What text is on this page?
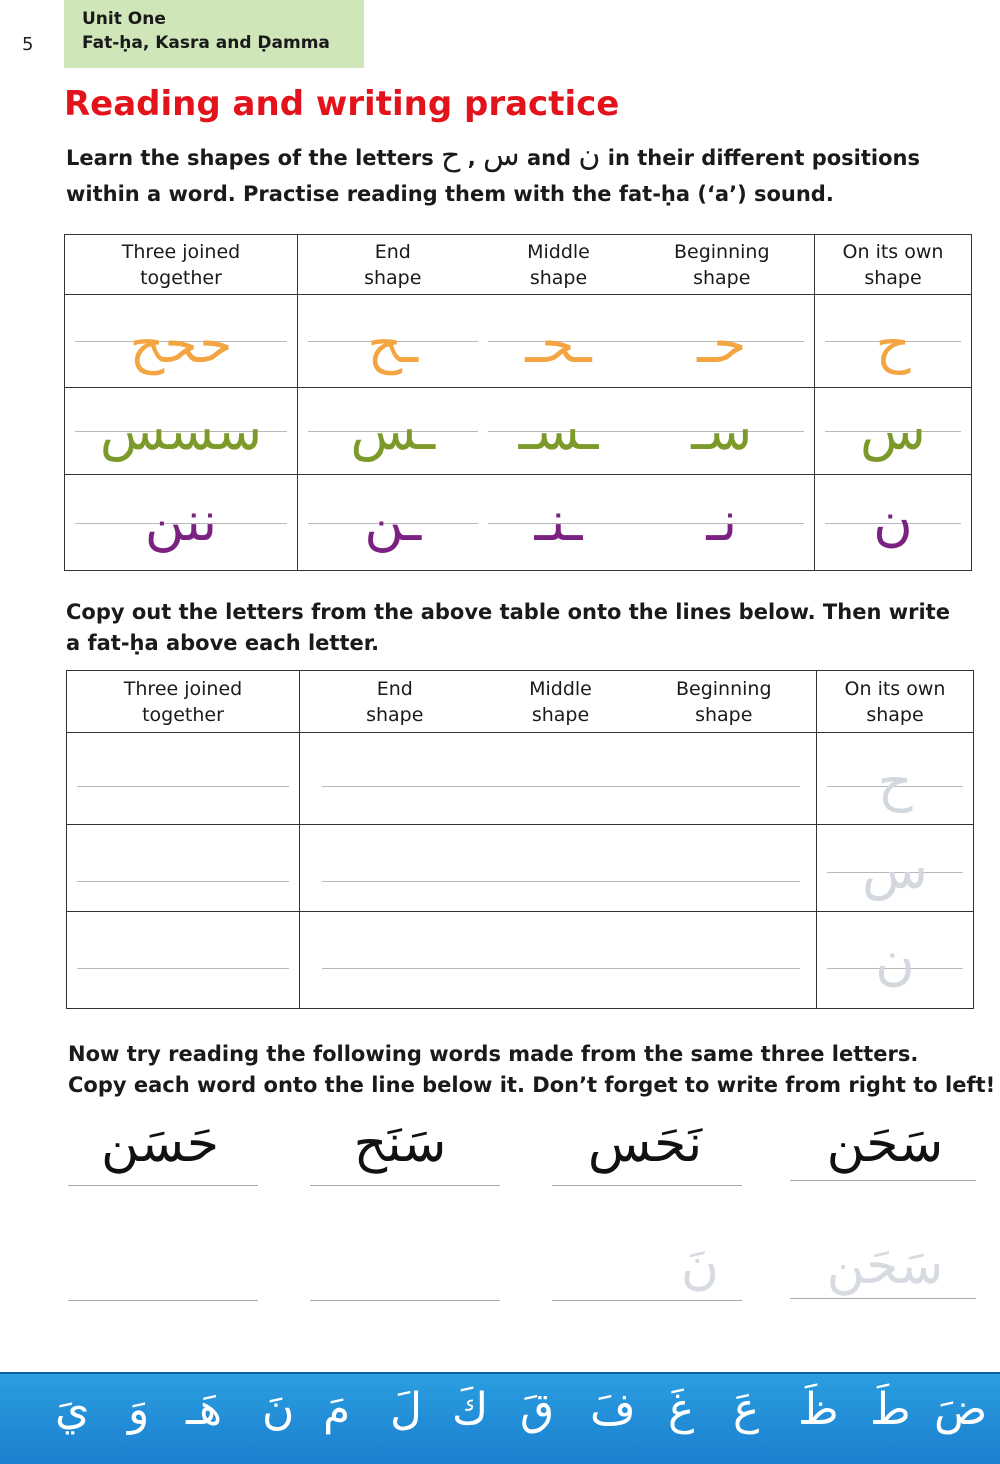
5
Unit One
Fat-ḥa, Kasra and Ḍamma
Reading and writing practice
Learn the shapes of the letters ح , س and ن in their different positions
within a word. Practise reading them with the fat-ḥa (‘a’) sound.
Three joined
together	End
shape	Middle
shape	Beginning
shape	On its own
shape

ححح	ـح	ـحـ	حـ	ح

سسس	ـس	ـسـ	سـ	س

ننن	ـن	ـنـ	نـ	ن
Copy out the letters from the above table onto the lines below. Then write
a fat-ḥa above each letter.
Three joined
together	End
shape	Middle
shape	Beginning
shape	On its own
shape

				ح

				س

				ن
Now try reading the following words made from the same three letters.
Copy each word onto the line below it. Don’t forget to write from right to left!
حَسَن	سَنَح	نَحَس	سَحَن
نَ	سَحَن
ضَ
طَ
ظَ
عَ
غَ
فَ
قَ
كَ
لَ
مَ
نَ
هَـ
وَ
يَ
